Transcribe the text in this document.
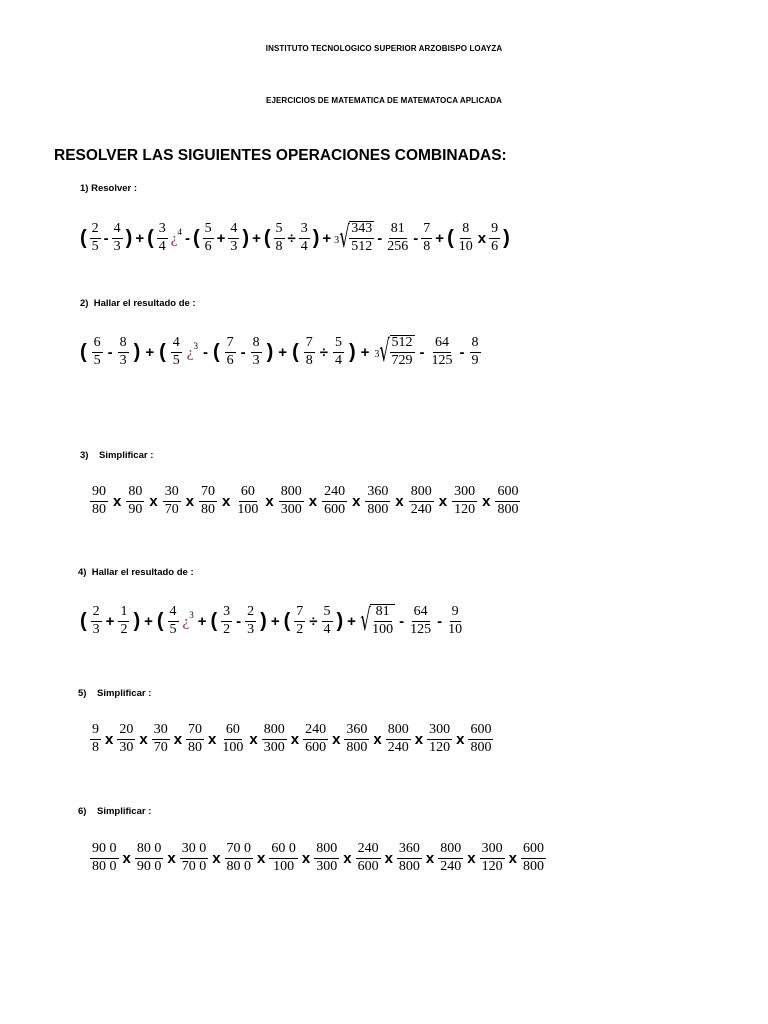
INSTITUTO TECNOLOGICO SUPERIOR ARZOBISPO LOAYZA
EJERCICIOS DE MATEMATICA DE MATEMATOCA APLICADA
RESOLVER LAS SIGUIENTES OPERACIONES COMBINADAS:
1) Resolver :
( $\frac{2}{5} - \frac{4}{3}$ ) + ( $\frac{3}{4}$ ¿$^4$ - ( $\frac{5}{6} + \frac{4}{3}$ ) + ( $\frac{5}{8} \div \frac{3}{4}$ ) + 3 √ $\frac{343}{512} - \frac{81}{256} - \frac{7}{8}$ + ( $\frac{8}{10}$ x $\frac{9}{6}$ )
2)  Hallar el resultado de :
( $\frac{6}{5} - \frac{8}{3}$ ) + ( $\frac{4}{5}$ ¿$^3$ - ( $\frac{7}{6} - \frac{8}{3}$ ) + ( $\frac{7}{8} \div \frac{5}{4}$ ) + 3 √ $\frac{512}{729} - \frac{64}{125} - \frac{8}{9}$
3)    Simplificar :
$\frac{90}{80}$ x $\frac{80}{90}$ x $\frac{30}{70}$ x $\frac{70}{80}$ x $\frac{60}{100}$ x $\frac{800}{300}$ x $\frac{240}{600}$ x $\frac{360}{800}$ x $\frac{800}{240}$ x $\frac{300}{120}$ x $\frac{600}{800}$
4)  Hallar el resultado de :
( $\frac{2}{3} + \frac{1}{2}$ ) + ( $\frac{4}{5}$ ¿$^3$ + ( $\frac{3}{2} - \frac{2}{3}$ ) + ( $\frac{7}{2} \div \frac{5}{4}$ ) + √ $\frac{81}{100} - \frac{64}{125} - \frac{9}{10}$
5)    Simplificar :
$\frac{9}{8}$ x $\frac{20}{30}$ x $\frac{30}{70}$ x $\frac{70}{80}$ x $\frac{60}{100}$ x $\frac{800}{300}$ x $\frac{240}{600}$ x $\frac{360}{800}$ x $\frac{800}{240}$ x $\frac{300}{120}$ x $\frac{600}{800}$
6)    Simplificar :
$\frac{90 0}{80 0}$ x $\frac{80 0}{90 0}$ x $\frac{30 0}{70 0}$ x $\frac{70 0}{80 0}$ x $\frac{60 0}{100}$ x $\frac{800}{300}$ x $\frac{240}{600}$ x $\frac{360}{800}$ x $\frac{800}{240}$ x $\frac{300}{120}$ x $\frac{600}{800}$
